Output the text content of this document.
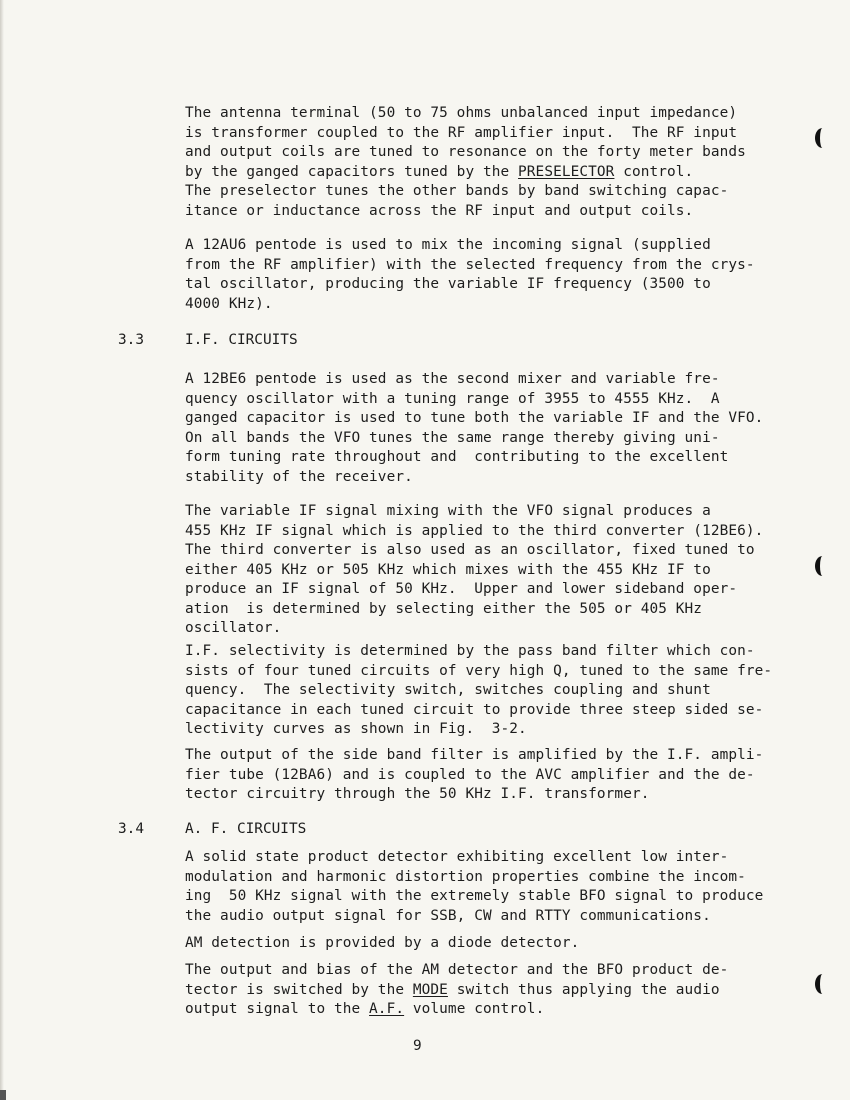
The antenna terminal (50 to 75 ohms unbalanced input impedance)
is transformer coupled to the RF amplifier input.  The RF input
and output coils are tuned to resonance on the forty meter bands
by the ganged capacitors tuned by the PRESELECTOR control.
The preselector tunes the other bands by band switching capac-
itance or inductance across the RF input and output coils.
A 12AU6 pentode is used to mix the incoming signal (supplied
from the RF amplifier) with the selected frequency from the crys-
tal oscillator, producing the variable IF frequency (3500 to
4000 KHz).
3.3	I.F. CIRCUITS
A 12BE6 pentode is used as the second mixer and variable fre-
quency oscillator with a tuning range of 3955 to 4555 KHz.  A
ganged capacitor is used to tune both the variable IF and the VFO.
On all bands the VFO tunes the same range thereby giving uni-
form tuning rate throughout and  contributing to the excellent
stability of the receiver.
The variable IF signal mixing with the VFO signal produces a
455 KHz IF signal which is applied to the third converter (12BE6).
The third converter is also used as an oscillator, fixed tuned to
either 405 KHz or 505 KHz which mixes with the 455 KHz IF to
produce an IF signal of 50 KHz.  Upper and lower sideband oper-
ation  is determined by selecting either the 505 or 405 KHz
oscillator.
I.F. selectivity is determined by the pass band filter which con-
sists of four tuned circuits of very high Q, tuned to the same fre-
quency.  The selectivity switch, switches coupling and shunt
capacitance in each tuned circuit to provide three steep sided se-
lectivity curves as shown in Fig.  3-2.
The output of the side band filter is amplified by the I.F. ampli-
fier tube (12BA6) and is coupled to the AVC amplifier and the de-
tector circuitry through the 50 KHz I.F. transformer.
3.4	A. F. CIRCUITS
A solid state product detector exhibiting excellent low inter-
modulation and harmonic distortion properties combine the incom-
ing  50 KHz signal with the extremely stable BFO signal to produce
the audio output signal for SSB, CW and RTTY communications.
AM detection is provided by a diode detector.
The output and bias of the AM detector and the BFO product de-
tector is switched by the MODE switch thus applying the audio
output signal to the A.F. volume control.
9
